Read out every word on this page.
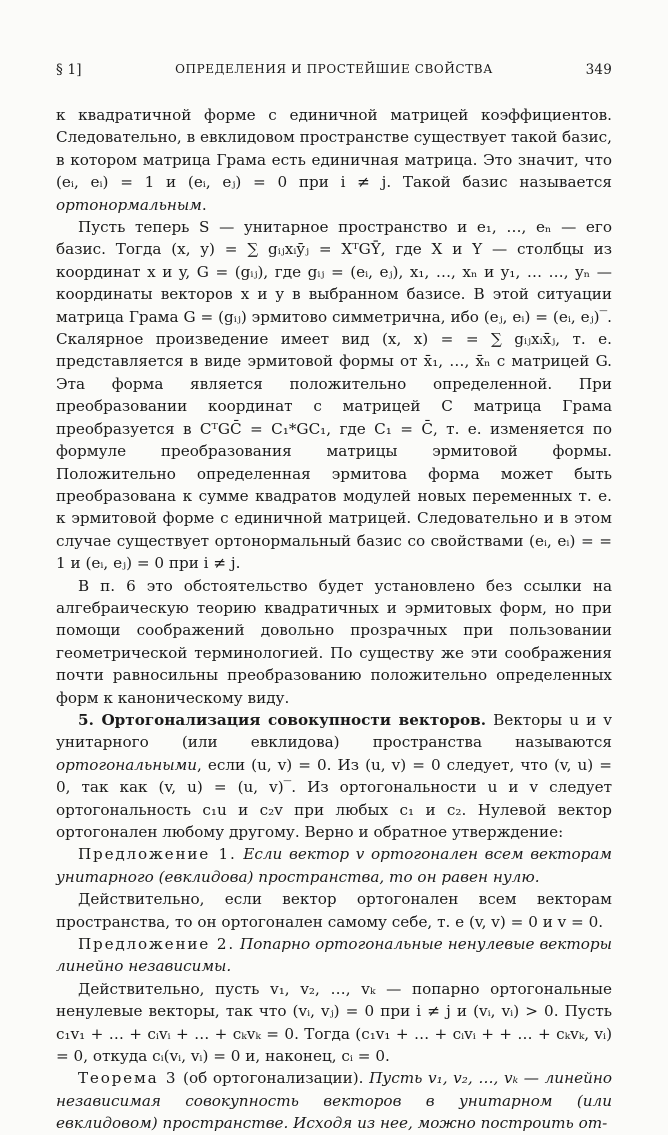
§ 1]	ОПРЕДЕЛЕНИЯ И ПРОСТЕЙШИЕ СВОЙСТВА	349

к квадратичной форме с единичной матрицей коэффициентов. Следовательно, в евклидовом пространстве существует такой базис, в котором матрица Грама есть единичная матрица. Это значит, что (eᵢ, eᵢ) = 1 и (eᵢ, eⱼ) = 0 при i ≠ j. Такой базис называется ортонормальным.

Пусть теперь S — унитарное пространство и e₁, …, eₙ — его базис. Тогда (x, y) = ∑ gᵢⱼxᵢȳⱼ = XᵀGȲ, где X и Y — столбцы из координат x и y, G = (gᵢⱼ), где gᵢⱼ = (eᵢ, eⱼ), x₁, …, xₙ и y₁, … …, yₙ — координаты векторов x и y в выбранном базисе. В этой ситуации матрица Грама G = (gᵢⱼ) эрмитово симметрична, ибо (eⱼ, eᵢ) = (eᵢ, eⱼ)‾. Скалярное произведение имеет вид (x, x) = = ∑ gᵢⱼxᵢx̄ⱼ, т. е. представляется в виде эрмитовой формы от x̄₁, …, x̄ₙ с матрицей G. Эта форма является положительно определенной. При преобразовании координат с матрицей C матрица Грама преобразуется в CᵀGC̄ = C₁*GC₁, где C₁ = C̄, т. е. изменяется по формуле преобразования матрицы эрмитовой формы. Положительно определенная эрмитова форма может быть преобразована к сумме квадратов модулей новых переменных т. е. к эрмитовой форме с единичной матрицей. Следовательно и в этом случае существует ортонормальный базис со свойствами (eᵢ, eᵢ) = = 1 и (eᵢ, eⱼ) = 0 при i ≠ j.

В п. 6 это обстоятельство будет установлено без ссылки на алгебраическую теорию квадратичных и эрмитовых форм, но при помощи соображений довольно прозрачных при пользовании геометрической терминологией. По существу же эти соображения почти равносильны преобразованию положительно определенных форм к каноническому виду.

5. Ортогонализация совокупности векторов. Векторы u и v унитарного (или евклидова) пространства называются ортогональными, если (u, v) = 0. Из (u, v) = 0 следует, что (v, u) = 0, так как (v, u) = (u, v)‾. Из ортогональности u и v следует ортогональность c₁u и c₂v при любых c₁ и c₂. Нулевой вектор ортогонален любому другому. Верно и обратное утверждение:

Предложение 1. Если вектор v ортогонален всем векторам унитарного (евклидова) пространства, то он равен нулю.

Действительно, если вектор ортогонален всем векторам пространства, то он ортогонален самому себе, т. е (v, v) = 0 и v = 0.

Предложение 2. Попарно ортогональные ненулевые векторы линейно независимы.

Действительно, пусть v₁, v₂, …, vₖ — попарно ортогональные ненулевые векторы, так что (vᵢ, vⱼ) = 0 при i ≠ j и (vᵢ, vᵢ) > 0. Пусть c₁v₁ + … + cᵢvᵢ + … + cₖvₖ = 0. Тогда (c₁v₁ + … + cᵢvᵢ + + … + cₖvₖ, vᵢ) = 0, откуда cᵢ(vᵢ, vᵢ) = 0 и, наконец, cᵢ = 0.

Теорема 3 (об ортогонализации). Пусть v₁, v₂, …, vₖ — линейно независимая совокупность векторов в унитарном (или евклидовом) пространстве. Исходя из нее, можно построить от-
